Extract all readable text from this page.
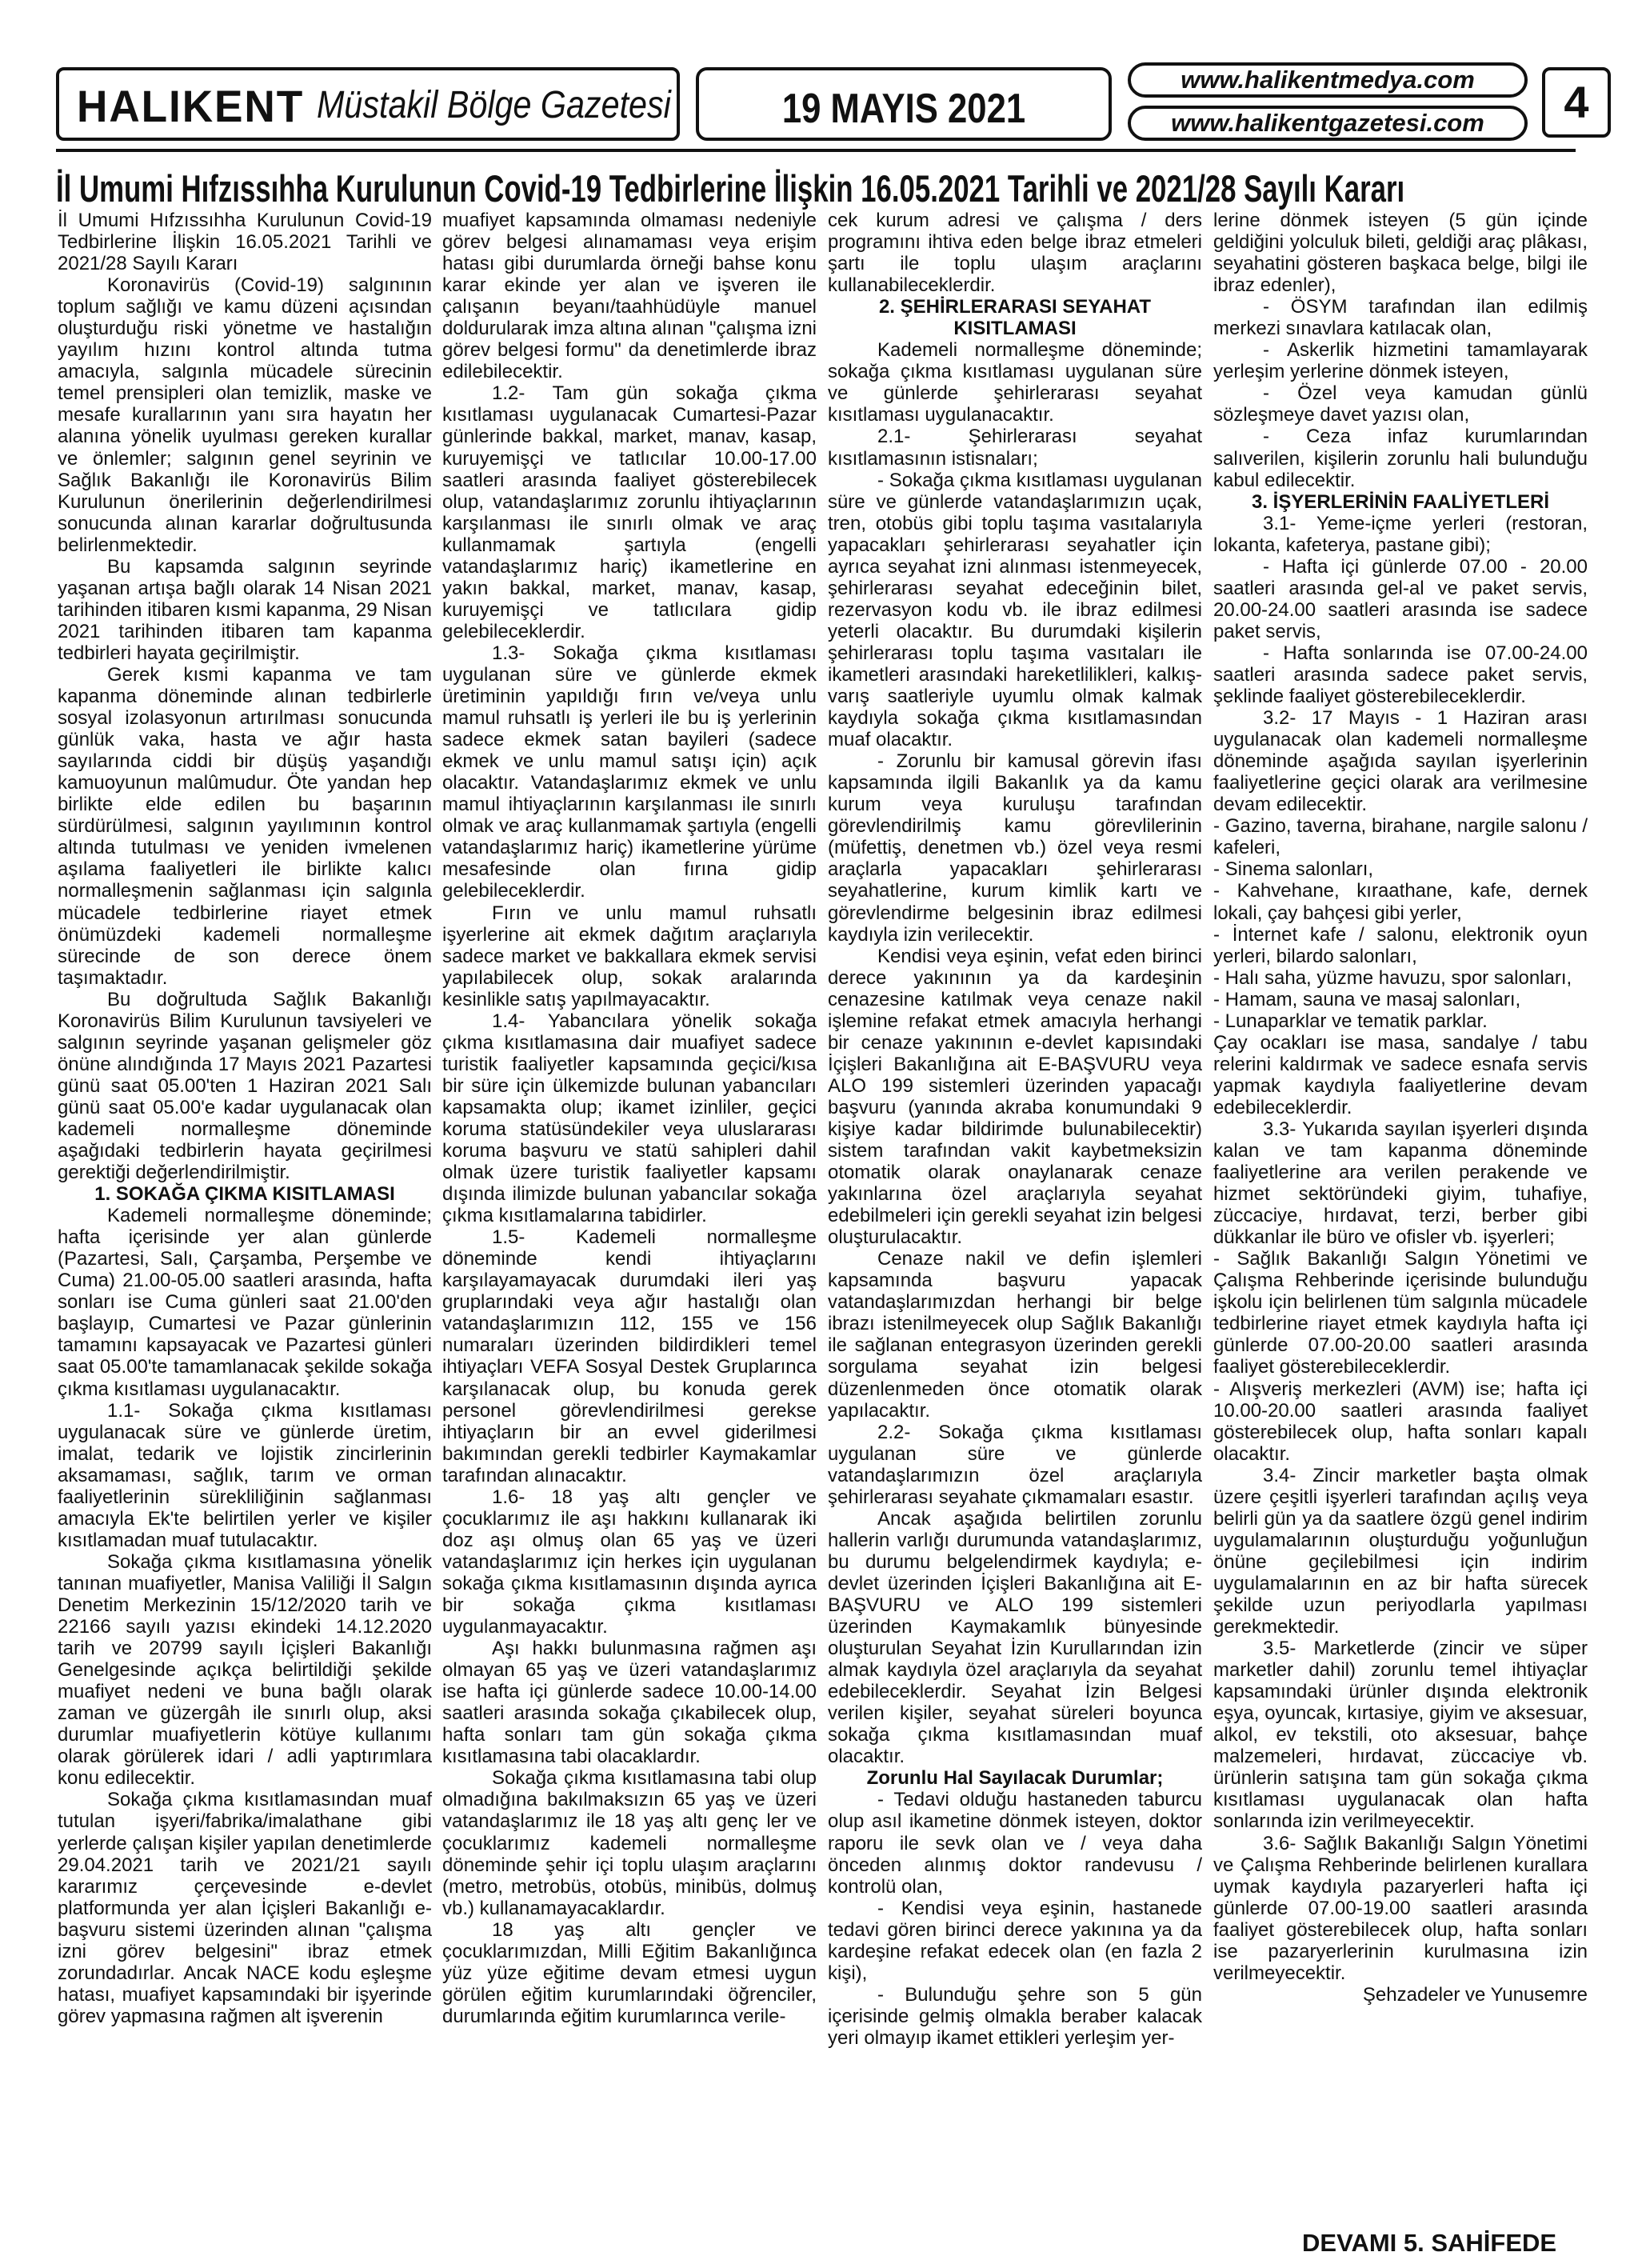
HALIKENT Müstakil Bölge Gazetesi	19 MAYIS 2021
www.halikentmedya.com
www.halikentgazetesi.com	4
İl Umumi Hıfzıssıhha Kurulunun Covid-19 Tedbirlerine İlişkin 16.05.2021 Tarihli ve 2021/28 Sayılı Kararı

İl Umumi Hıfzıssıhha Kurulunun Covid-19 Tedbirlerine İlişkin 16.05.2021 Tarihli ve 2021/28 Sayılı Kararı

Koronavirüs (Covid-19) salgınının toplum sağlığı ve kamu düzeni açısından oluşturduğu riski yönetme ve hastalığın yayılım hızını kontrol altında tutma amacıyla, salgınla mücadele sürecinin temel prensipleri olan temizlik, maske ve mesafe kurallarının yanı sıra hayatın her alanına yönelik uyulması gereken kurallar ve önlemler; salgının genel seyrinin ve Sağlık Bakanlığı ile Koronavirüs Bilim Kurulunun önerilerinin değerlendirilmesi sonucunda alınan kararlar doğrultusunda belirlenmektedir.

Bu kapsamda salgının seyrinde yaşanan artışa bağlı olarak 14 Nisan 2021 tarihinden itibaren kısmi kapanma, 29 Nisan 2021 tarihinden itibaren tam kapanma tedbirleri hayata geçirilmiştir.

Gerek kısmi kapanma ve tam kapanma döneminde alınan tedbirlerle sosyal izolasyonun artırılması sonucunda günlük vaka, hasta ve ağır hasta sayılarında ciddi bir düşüş yaşandığı kamuoyunun malûmudur. Öte yandan hep birlikte elde edilen bu başarının sürdürülmesi, salgının yayılımının kontrol altında tutulması ve yeniden ivmelenen aşılama faaliyetleri ile birlikte kalıcı normalleşmenin sağlanması için salgınla mücadele tedbirlerine riayet etmek önümüzdeki kademeli normalleşme sürecinde de son derece önem taşımaktadır.

Bu doğrultuda Sağlık Bakanlığı Koronavirüs Bilim Kurulunun tavsiyeleri ve salgının seyrinde yaşanan gelişmeler göz önüne alındığında 17 Mayıs 2021 Pazartesi günü saat 05.00'ten 1 Haziran 2021 Salı günü saat 05.00'e kadar uygulanacak olan kademeli normalleşme döneminde aşağıdaki tedbirlerin hayata geçirilmesi gerektiği değerlendirilmiştir.

1. SOKAĞA ÇIKMA KISITLAMASI

Kademeli normalleşme döneminde; hafta içerisinde yer alan günlerde (Pazartesi, Salı, Çarşamba, Perşembe ve Cuma) 21.00-05.00 saatleri arasında, hafta sonları ise Cuma günleri saat 21.00'den başlayıp, Cumartesi ve Pazar günlerinin tamamını kapsayacak ve Pazartesi günleri saat 05.00'te tamamlanacak şekilde sokağa çıkma kısıtlaması uygulanacaktır.

1.1- Sokağa çıkma kısıtlaması uygulanacak süre ve günlerde üretim, imalat, tedarik ve lojistik zincirlerinin aksamaması, sağlık, tarım ve orman faaliyetlerinin sürekliliğinin sağlanması amacıyla Ek'te belirtilen yerler ve kişiler kısıtlamadan muaf tutulacaktır.

Sokağa çıkma kısıtlamasına yönelik tanınan muafiyetler, Manisa Valiliği İl Salgın Denetim Merkezinin 15/12/2020 tarih ve 22166 sayılı yazısı ekindeki 14.12.2020 tarih ve 20799 sayılı İçişleri Bakanlığı Genelgesinde açıkça belirtildiği şekilde muafiyet nedeni ve buna bağlı olarak zaman ve güzergâh ile sınırlı olup, aksi durumlar muafiyetlerin kötüye kullanımı olarak görülerek idari / adli yaptırımlara konu edilecektir.

Sokağa çıkma kısıtlamasından muaf tutulan işyeri/fabrika/imalathane gibi yerlerde çalışan kişiler yapılan denetimlerde 29.04.2021 tarih ve 2021/21 sayılı kararımız çerçevesinde e-devlet platformunda yer alan İçişleri Bakanlığı e-başvuru sistemi üzerinden alınan "çalışma izni görev belgesini" ibraz etmek zorundadırlar. Ancak NACE kodu eşleşme hatası, muafiyet kapsamındaki bir işyerinde görev yapmasına rağmen alt işverenin

muafiyet kapsamında olmaması nedeniyle görev belgesi alınamaması veya erişim hatası gibi durumlarda örneği bahse konu karar ekinde yer alan ve işveren ile çalışanın beyanı/taahhüdüyle manuel doldurularak imza altına alınan "çalışma izni görev belgesi formu" da denetimlerde ibraz edilebilecektir.

1.2- Tam gün sokağa çıkma kısıtlaması uygulanacak Cumartesi-Pazar günlerinde bakkal, market, manav, kasap, kuruyemişçi ve tatlıcılar 10.00-17.00 saatleri arasında faaliyet gösterebilecek olup, vatandaşlarımız zorunlu ihtiyaçlarının karşılanması ile sınırlı olmak ve araç kullanmamak şartıyla (engelli vatandaşlarımız hariç) ikametlerine en yakın bakkal, market, manav, kasap, kuruyemişçi ve tatlıcılara gidip gelebileceklerdir.

1.3- Sokağa çıkma kısıtlaması uygulanan süre ve günlerde ekmek üretiminin yapıldığı fırın ve/veya unlu mamul ruhsatlı iş yerleri ile bu iş yerlerinin sadece ekmek satan bayileri (sadece ekmek ve unlu mamul satışı için) açık olacaktır. Vatandaşlarımız ekmek ve unlu mamul ihtiyaçlarının karşılanması ile sınırlı olmak ve araç kullanmamak şartıyla (engelli vatandaşlarımız hariç) ikametlerine yürüme mesafesinde olan fırına gidip gelebileceklerdir.

Fırın ve unlu mamul ruhsatlı işyerlerine ait ekmek dağıtım araçlarıyla sadece market ve bakkallara ekmek servisi yapılabilecek olup, sokak aralarında kesinlikle satış yapılmayacaktır.

1.4- Yabancılara yönelik sokağa çıkma kısıtlamasına dair muafiyet sadece turistik faaliyetler kapsamında geçici/kısa bir süre için ülkemizde bulunan yabancıları kapsamakta olup; ikamet izinliler, geçici koruma statüsündekiler veya uluslararası koruma başvuru ve statü sahipleri dahil olmak üzere turistik faaliyetler kapsamı dışında ilimizde bulunan yabancılar sokağa çıkma kısıtlamalarına tabidirler.

1.5- Kademeli normalleşme döneminde kendi ihtiyaçlarını karşılayamayacak durumdaki ileri yaş gruplarındaki veya ağır hastalığı olan vatandaşlarımızın 112, 155 ve 156 numaraları üzerinden bildirdikleri temel ihtiyaçları VEFA Sosyal Destek Gruplarınca karşılanacak olup, bu konuda gerek personel görevlendirilmesi gerekse ihtiyaçların bir an evvel giderilmesi bakımından gerekli tedbirler Kaymakamlar tarafından alınacaktır.

1.6- 18 yaş altı gençler ve çocuklarımız ile aşı hakkını kullanarak iki doz aşı olmuş olan 65 yaş ve üzeri vatandaşlarımız için herkes için uygulanan sokağa çıkma kısıtlamasının dışında ayrıca bir sokağa çıkma kısıtlaması uygulanmayacaktır.

Aşı hakkı bulunmasına rağmen aşı olmayan 65 yaş ve üzeri vatandaşlarımız ise hafta içi günlerde sadece 10.00-14.00 saatleri arasında sokağa çıkabilecek olup, hafta sonları tam gün sokağa çıkma kısıtlamasına tabi olacaklardır.

Sokağa çıkma kısıtlamasına tabi olup olmadığına bakılmaksızın 65 yaş ve üzeri vatandaşlarımız ile 18 yaş altı genç ler ve çocuklarımız kademeli normalleşme döneminde şehir içi toplu ulaşım araçlarını (metro, metrobüs, otobüs, minibüs, dolmuş vb.) kullanamayacaklardır.

18 yaş altı gençler ve çocuklarımızdan, Milli Eğitim Bakanlığınca yüz yüze eğitime devam etmesi uygun görülen eğitim kurumlarındaki öğrenciler, durumlarında eğitim kurumlarınca verile-

cek kurum adresi ve çalışma / ders programını ihtiva eden belge ibraz etmeleri şartı ile toplu ulaşım araçlarını kullanabileceklerdir.

2. ŞEHİRLERARASI SEYAHAT KISITLAMASI

Kademeli normalleşme döneminde; sokağa çıkma kısıtlaması uygulanan süre ve günlerde şehirlerarası seyahat kısıtlaması uygulanacaktır.

2.1- Şehirlerarası seyahat kısıtlamasının istisnaları;

- Sokağa çıkma kısıtlaması uygulanan süre ve günlerde vatandaşlarımızın uçak, tren, otobüs gibi toplu taşıma vasıtalarıyla yapacakları şehirlerarası seyahatler için ayrıca seyahat izni alınması istenmeyecek, şehirlerarası seyahat edeceğinin bilet, rezervasyon kodu vb. ile ibraz edilmesi yeterli olacaktır. Bu durumdaki kişilerin şehirlerarası toplu taşıma vasıtaları ile ikametleri arasındaki hareketlilikleri, kalkış-varış saatleriyle uyumlu olmak kalmak kaydıyla sokağa çıkma kısıtlamasından muaf olacaktır.

- Zorunlu bir kamusal görevin ifası kapsamında ilgili Bakanlık ya da kamu kurum veya kuruluşu tarafından görevlendirilmiş kamu görevlilerinin (müfettiş, denetmen vb.) özel veya resmi araçlarla yapacakları şehirlerarası seyahatlerine, kurum kimlik kartı ve görevlendirme belgesinin ibraz edilmesi kaydıyla izin verilecektir.

Kendisi veya eşinin, vefat eden birinci derece yakınının ya da kardeşinin cenazesine katılmak veya cenaze nakil işlemine refakat etmek amacıyla herhangi bir cenaze yakınının e-devlet kapısındaki İçişleri Bakanlığına ait E-BAŞVURU veya ALO 199 sistemleri üzerinden yapacağı başvuru (yanında akraba konumundaki 9 kişiye kadar bildirimde bulunabilecektir) sistem tarafından vakit kaybetmeksizin otomatik olarak onaylanarak cenaze yakınlarına özel araçlarıyla seyahat edebilmeleri için gerekli seyahat izin belgesi oluşturulacaktır.

Cenaze nakil ve defin işlemleri kapsamında başvuru yapacak vatandaşlarımızdan herhangi bir belge ibrazı istenilmeyecek olup Sağlık Bakanlığı ile sağlanan entegrasyon üzerinden gerekli sorgulama seyahat izin belgesi düzenlenmeden önce otomatik olarak yapılacaktır.

2.2- Sokağa çıkma kısıtlaması uygulanan süre ve günlerde vatandaşlarımızın özel araçlarıyla şehirlerarası seyahate çıkmamaları esastır.

Ancak aşağıda belirtilen zorunlu hallerin varlığı durumunda vatandaşlarımız, bu durumu belgelendirmek kaydıyla; e-devlet üzerinden İçişleri Bakanlığına ait E-BAŞVURU ve ALO 199 sistemleri üzerinden Kaymakamlık bünyesinde oluşturulan Seyahat İzin Kurullarından izin almak kaydıyla özel araçlarıyla da seyahat edebileceklerdir. Seyahat İzin Belgesi verilen kişiler, seyahat süreleri boyunca sokağa çıkma kısıtlamasından muaf olacaktır.

Zorunlu Hal Sayılacak Durumlar;

- Tedavi olduğu hastaneden taburcu olup asıl ikametine dönmek isteyen, doktor raporu ile sevk olan ve / veya daha önceden alınmış doktor randevusu / kontrolü olan,

- Kendisi veya eşinin, hastanede tedavi gören birinci derece yakınına ya da kardeşine refakat edecek olan (en fazla 2 kişi),

- Bulunduğu şehre son 5 gün içerisinde gelmiş olmakla beraber kalacak yeri olmayıp ikamet ettikleri yerleşim yer-

lerine dönmek isteyen (5 gün içinde geldiğini yolculuk bileti, geldiği araç plâkası, seyahatini gösteren başkaca belge, bilgi ile ibraz edenler),

- ÖSYM tarafından ilan edilmiş merkezi sınavlara katılacak olan,

- Askerlik hizmetini tamamlayarak yerleşim yerlerine dönmek isteyen,

- Özel veya kamudan günlü sözleşmeye davet yazısı olan,

- Ceza infaz kurumlarından salıverilen, kişilerin zorunlu hali bulunduğu kabul edilecektir.

3. İŞYERLERİNİN FAALİYETLERİ

3.1- Yeme-içme yerleri (restoran, lokanta, kafeterya, pastane gibi);

- Hafta içi günlerde 07.00 - 20.00 saatleri arasında gel-al ve paket servis, 20.00-24.00 saatleri arasında ise sadece paket servis,

- Hafta sonlarında ise 07.00-24.00 saatleri arasında sadece paket servis, şeklinde faaliyet gösterebileceklerdir.

3.2- 17 Mayıs - 1 Haziran arası uygulanacak olan kademeli normalleşme döneminde aşağıda sayılan işyerlerinin faaliyetlerine geçici olarak ara verilmesine devam edilecektir.

- Gazino, taverna, birahane, nargile salonu / kafeleri,

- Sinema salonları,

- Kahvehane, kıraathane, kafe, dernek lokali, çay bahçesi gibi yerler,

- İnternet kafe / salonu, elektronik oyun yerleri, bilardo salonları,

- Halı saha, yüzme havuzu, spor salonları,

- Hamam, sauna ve masaj salonları,

- Lunaparklar ve tematik parklar.

Çay ocakları ise masa, sandalye / tabu relerini kaldırmak ve sadece esnafa servis yapmak kaydıyla faaliyetlerine devam edebileceklerdir.

3.3- Yukarıda sayılan işyerleri dışında kalan ve tam kapanma döneminde faaliyetlerine ara verilen perakende ve hizmet sektöründeki giyim, tuhafiye, züccaciye, hırdavat, terzi, berber gibi dükkanlar ile büro ve ofisler vb. işyerleri;

- Sağlık Bakanlığı Salgın Yönetimi ve Çalışma Rehberinde içerisinde bulunduğu işkolu için belirlenen tüm salgınla mücadele tedbirlerine riayet etmek kaydıyla hafta içi günlerde 07.00-20.00 saatleri arasında faaliyet gösterebileceklerdir.

- Alışveriş merkezleri (AVM) ise; hafta içi 10.00-20.00 saatleri arasında faaliyet gösterebilecek olup, hafta sonları kapalı olacaktır.

3.4- Zincir marketler başta olmak üzere çeşitli işyerleri tarafından açılış veya belirli gün ya da saatlere özgü genel indirim uygulamalarının oluşturduğu yoğunluğun önüne geçilebilmesi için indirim uygulamalarının en az bir hafta sürecek şekilde uzun periyodlarla yapılması gerekmektedir.

3.5- Marketlerde (zincir ve süper marketler dahil) zorunlu temel ihtiyaçlar kapsamındaki ürünler dışında elektronik eşya, oyuncak, kırtasiye, giyim ve aksesuar, alkol, ev tekstili, oto aksesuar, bahçe malzemeleri, hırdavat, züccaciye vb. ürünlerin satışına tam gün sokağa çıkma kısıtlaması uygulanacak olan hafta sonlarında izin verilmeyecektir.

3.6- Sağlık Bakanlığı Salgın Yönetimi ve Çalışma Rehberinde belirlenen kurallara uymak kaydıyla pazaryerleri hafta içi günlerde 07.00-19.00 saatleri arasında faaliyet gösterebilecek olup, hafta sonları ise pazaryerlerinin kurulmasına izin verilmeyecektir.

Şehzadeler ve Yunusemre

DEVAMI 5. SAHİFEDE
